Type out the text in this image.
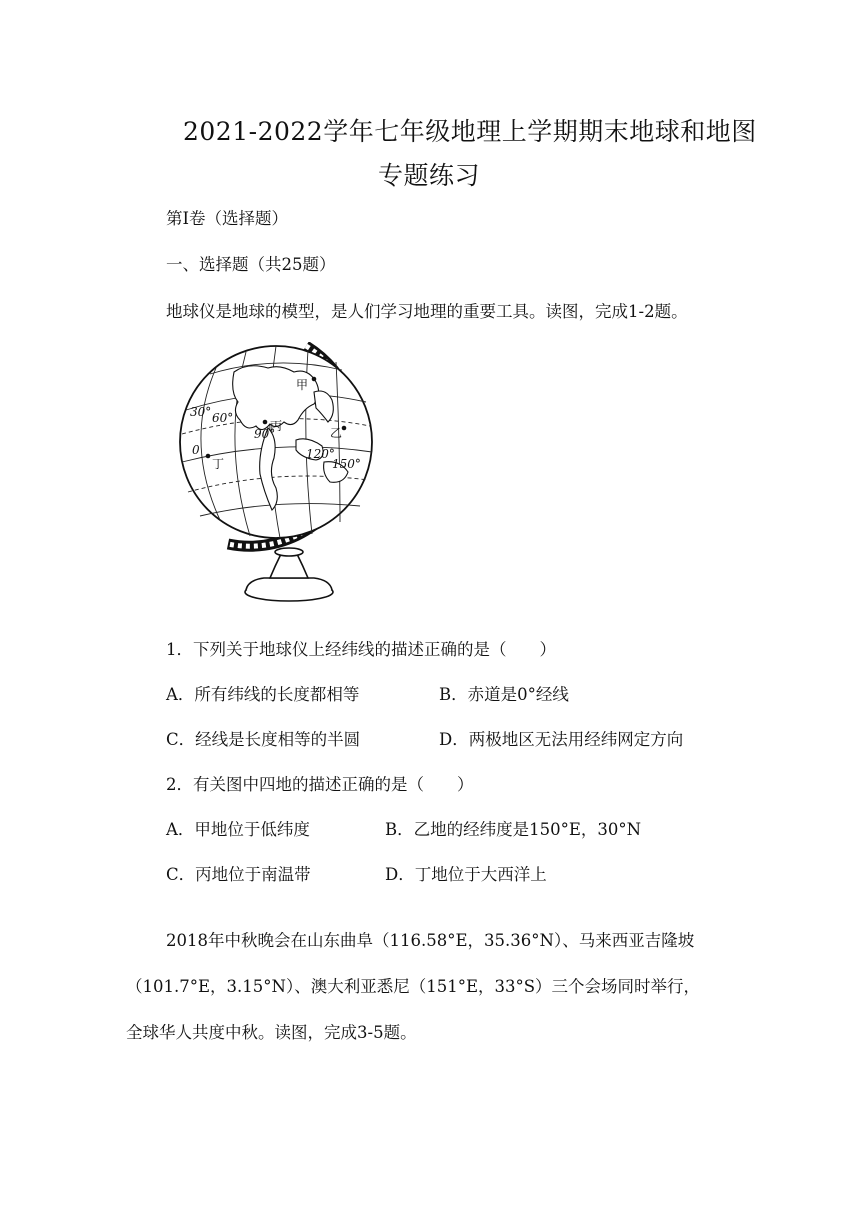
2021-2022学年七年级地理上学期期末地球和地图
专题练习
第I卷（选择题）
一、选择题（共25题）
地球仪是地球的模型，是人们学习地理的重要工具。读图，完成1-2题。
甲
乙
丙
丁
30° 60°
90°
0	120°
150°
1．下列关于地球仪上经纬线的描述正确的是（　　）
A．所有纬线的长度都相等	B．赤道是0°经线
C．经线是长度相等的半圆	D．两极地区无法用经纬网定方向
2．有关图中四地的描述正确的是（　　）
A．甲地位于低纬度	B．乙地的经纬度是150°E，30°N
C．丙地位于南温带	D．丁地位于大西洋上
2018年中秋晚会在山东曲阜（116.58°E，35.36°N）、马来西亚吉隆坡
（101.7°E，3.15°N）、澳大利亚悉尼（151°E，33°S）三个会场同时举行，
全球华人共度中秋。读图，完成3-5题。
